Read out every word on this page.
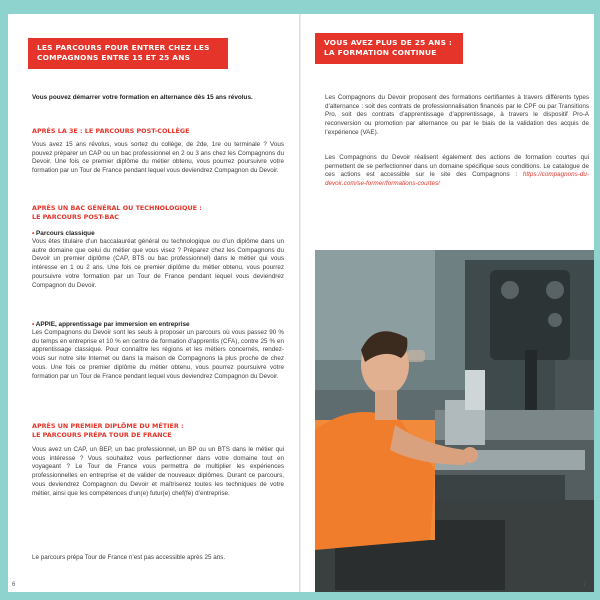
LES PARCOURS POUR ENTRER CHEZ LES
COMPAGNONS ENTRE 15 ET 25 ANS
Vous pouvez démarrer votre formation en alternance dès 15 ans révolus.
APRÈS LA 3E : LE PARCOURS POST-COLLÈGE
Vous avez 15 ans révolus, vous sortez du collège, de 2de, 1re ou terminale ? Vous pouvez préparer un CAP ou un bac professionnel en 2 ou 3 ans chez les Compagnons du Devoir. Une fois ce premier diplôme du métier obtenu, vous pourrez poursuivre votre formation par un Tour de France pendant lequel vous deviendrez Compagnon du Devoir.
APRÈS UN BAC GÉNÉRAL OU TECHNOLOGIQUE :
LE PARCOURS POST-BAC
• Parcours classique
Vous êtes titulaire d’un baccalauréat général ou technologique ou d’un diplôme dans un autre domaine que celui du métier que vous visez ? Préparez chez les Compagnons du Devoir un premier diplôme (CAP, BTS ou bac professionnel) dans le métier qui vous intéresse en 1 ou 2 ans. Une fois ce premier diplôme du métier obtenu, vous pourrez poursuivre votre formation par un Tour de France pendant lequel vous deviendrez Compagnon du Devoir.
• APPIE, apprentissage par immersion en entreprise
Les Compagnons du Devoir sont les seuls à proposer un parcours où vous passez 90 % du temps en entreprise et 10 % en centre de formation d’apprentis (CFA), contre 25 % en apprentissage classique. Pour connaître les régions et les métiers concernés, rendez-vous sur notre site Internet ou dans la maison de Compagnons la plus proche de chez vous. Une fois ce premier diplôme du métier obtenu, vous pourrez poursuivre votre formation par un Tour de France pendant lequel vous deviendrez Compagnon du Devoir.
APRÈS UN PREMIER DIPLÔME DU MÉTIER :
LE PARCOURS PRÉPA TOUR DE FRANCE
Vous avez un CAP, un BEP, un bac professionnel, un BP ou un BTS dans le métier qui vous intéresse ? Vous souhaitez vous perfectionner dans votre domaine tout en voyageant ? Le Tour de France vous permettra de multiplier les expériences professionnelles en entreprise et de valider de nouveaux diplômes. Durant ce parcours, vous deviendrez Compagnon du Devoir et maîtriserez toutes les techniques de votre métier, ainsi que les compétences d’un(e) futur(e) chef(fe) d’entreprise.
Le parcours prépa Tour de France n’est pas accessible après 25 ans.
6
VOUS AVEZ PLUS DE 25 ANS :
LA FORMATION CONTINUE
Les Compagnons du Devoir proposent des formations certifiantes à travers différents types d’alternance : soit des contrats de professionnalisation financés par le CPF ou par Transitions Pro, soit des contrats d’apprentissage d’apprentissage, à travers le dispositif Pro-A reconversion ou promotion par alternance ou par le biais de la validation des acquis de l’expérience (VAE).
Les Compagnons du Devoir réalisent également des actions de formation courtes qui permettent de se perfectionner dans un domaine spécifique sous conditions. Le catalogue de ces actions est accessible sur le site des Compagnons : https://compagnons-du-devoir.com/se-former/formations-courtes/
7
